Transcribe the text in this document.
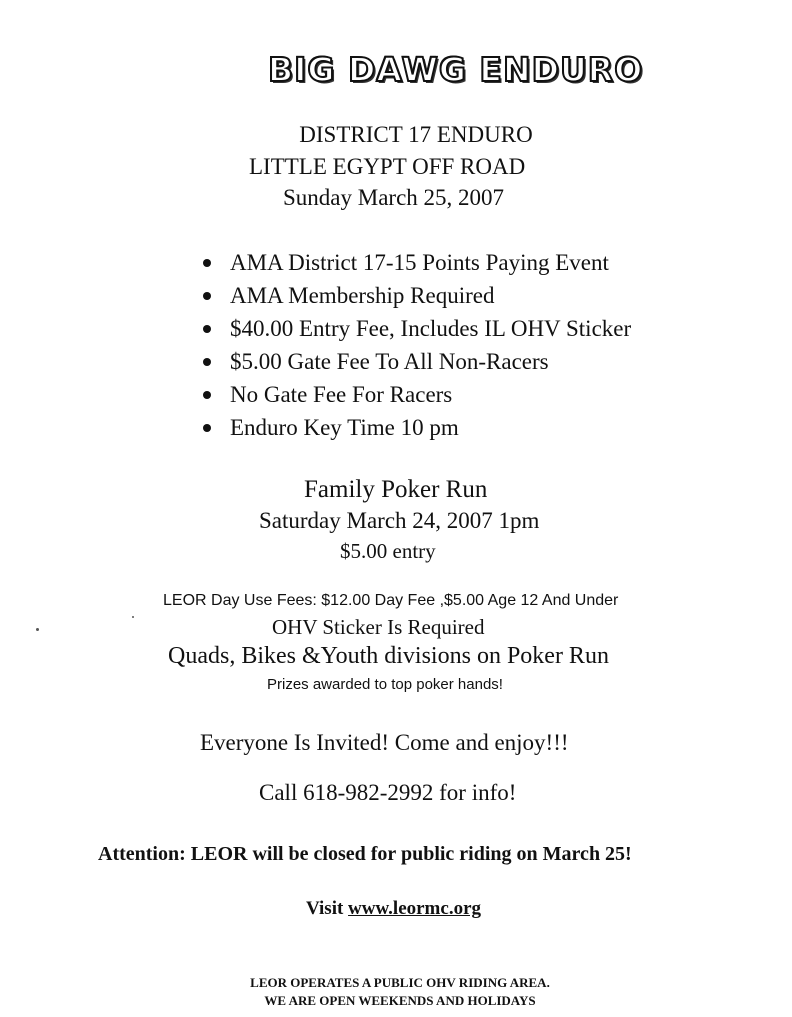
BIG DAWG ENDURO
DISTRICT 17 ENDURO
LITTLE EGYPT OFF ROAD
Sunday March 25, 2007
AMA District 17-15 Points Paying Event
AMA Membership Required
$40.00 Entry Fee, Includes IL OHV Sticker
$5.00 Gate Fee To All Non-Racers
No Gate Fee For Racers
Enduro Key Time 10 pm
Family Poker Run
Saturday March 24, 2007 1pm
$5.00 entry
LEOR Day Use Fees: $12.00 Day Fee ,$5.00 Age 12 And Under
OHV Sticker Is Required
Quads, Bikes &Youth divisions on Poker Run
Prizes awarded to top poker hands!
Everyone Is Invited! Come and enjoy!!!
Call 618-982-2992 for info!
Attention: LEOR will be closed for public riding on March 25!
Visit www.leormc.org
LEOR OPERATES A PUBLIC OHV RIDING AREA.
WE ARE OPEN WEEKENDS AND HOLIDAYS
